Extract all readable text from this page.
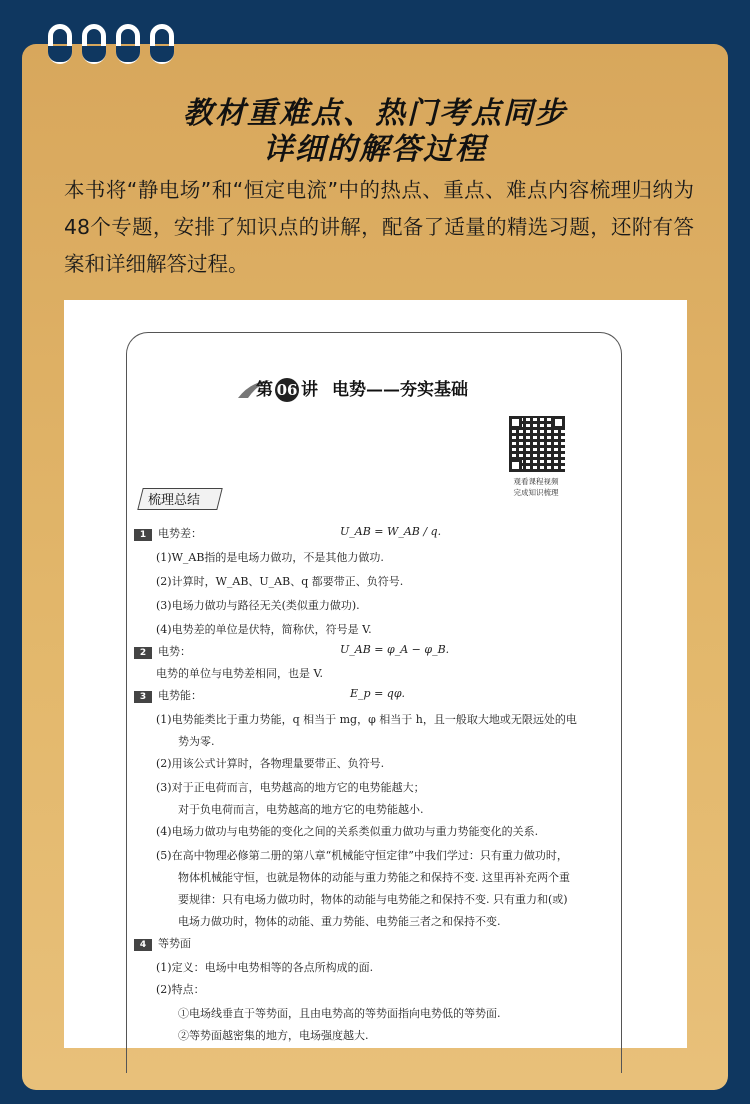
教材重难点、热门考点同步
详细的解答过程
本书将“静电场”和“恒定电流”中的热点、重点、难点内容梳理归纳为48个专题，安排了知识点的讲解，配备了适量的精选习题，还附有答案和详细解答过程。
第 06 讲 电势——夯实基础
观看课程视频
完成知识梳理
梳理总结
1 电势差：	U_AB = W_AB / q.
(1)W_AB指的是电场力做功，不是其他力做功.
(2)计算时，W_AB、U_AB、q 都要带正、负符号.
(3)电场力做功与路径无关(类似重力做功).
(4)电势差的单位是伏特，简称伏，符号是 V.
2 电势：	U_AB = φ_A − φ_B.
电势的单位与电势差相同，也是 V.
3 电势能：	E_p = qφ.
(1)电势能类比于重力势能，q 相当于 mg，φ 相当于 h，且一般取大地或无限远处的电
势为零.
(2)用该公式计算时，各物理量要带正、负符号.
(3)对于正电荷而言，电势越高的地方它的电势能越大；
对于负电荷而言，电势越高的地方它的电势能越小.
(4)电场力做功与电势能的变化之间的关系类似重力做功与重力势能变化的关系.
(5)在高中物理必修第二册的第八章“机械能守恒定律”中我们学过：只有重力做功时，
物体机械能守恒，也就是物体的动能与重力势能之和保持不变. 这里再补充两个重
要规律：只有电场力做功时，物体的动能与电势能之和保持不变. 只有重力和(或)
电场力做功时，物体的动能、重力势能、电势能三者之和保持不变.
4 等势面
(1)定义：电场中电势相等的各点所构成的面.
(2)特点：
①电场线垂直于等势面，且由电势高的等势面指向电势低的等势面.
②等势面越密集的地方，电场强度越大.
